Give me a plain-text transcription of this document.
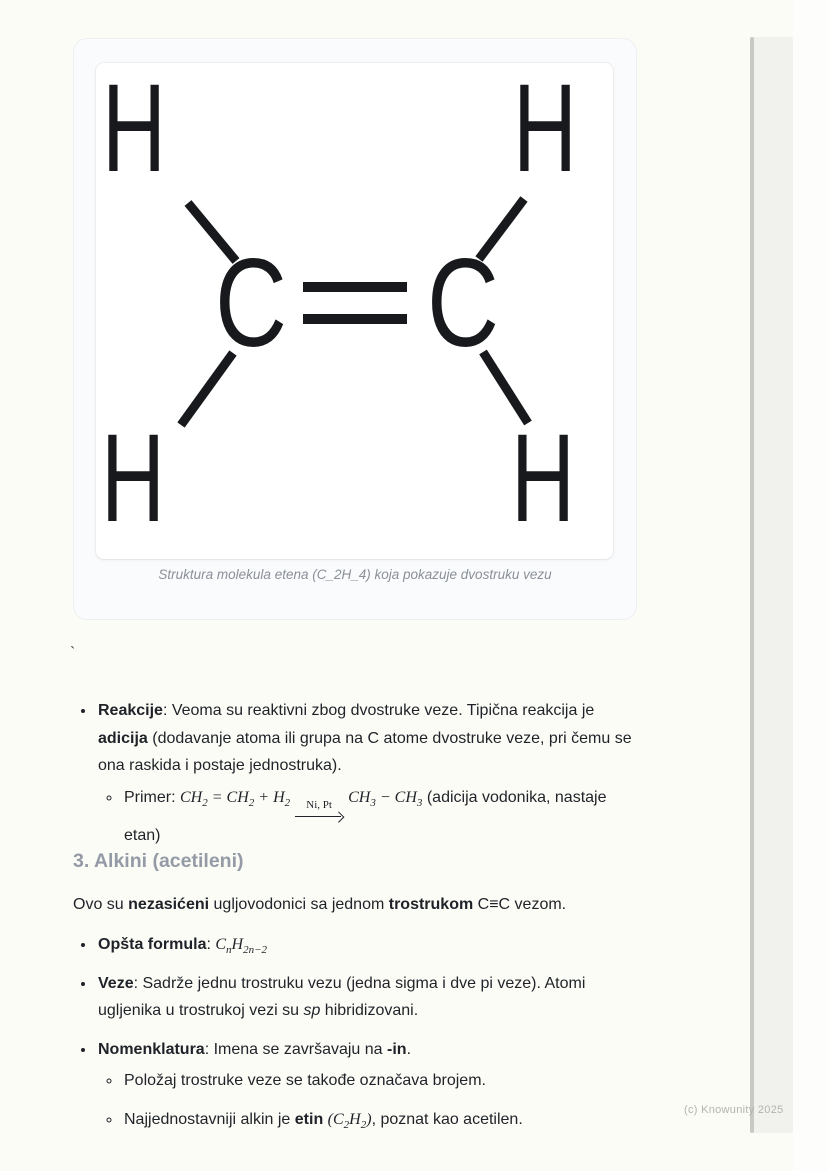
H	H
C C
H	H
Struktura molekula etena (C_2H_4) koja pokazuje dvostruku vezu
`
• Reakcije: Veoma su reaktivni zbog dvostruke veze. Tipična reakcija je adicija (dodavanje atoma ili grupa na C atome dvostruke veze, pri čemu se ona raskida i postaje jednostruka).
◦ Primer: $CH_2 = CH_2 + H_2$ Ni, Pt $CH_3 - CH_3$ (adicija vodonika, nastaje etan)
3. Alkini (acetileni)
Ovo su nezasićeni ugljovodonici sa jednom trostrukom C≡C vezom.
• Opšta formula: $C_nH_{2n-2}$
• Veze: Sadrže jednu trostruku vezu (jedna sigma i dve pi veze). Atomi ugljenika u trostrukoj vezi su sp hibridizovani.
• Nomenklatura: Imena se završavaju na -in.
◦ Položaj trostruke veze se takođe označava brojem.
◦ Najjednostavniji alkin je etin $(C_2H_2)$, poznat kao acetilen.
(c) Knowunity 2025
